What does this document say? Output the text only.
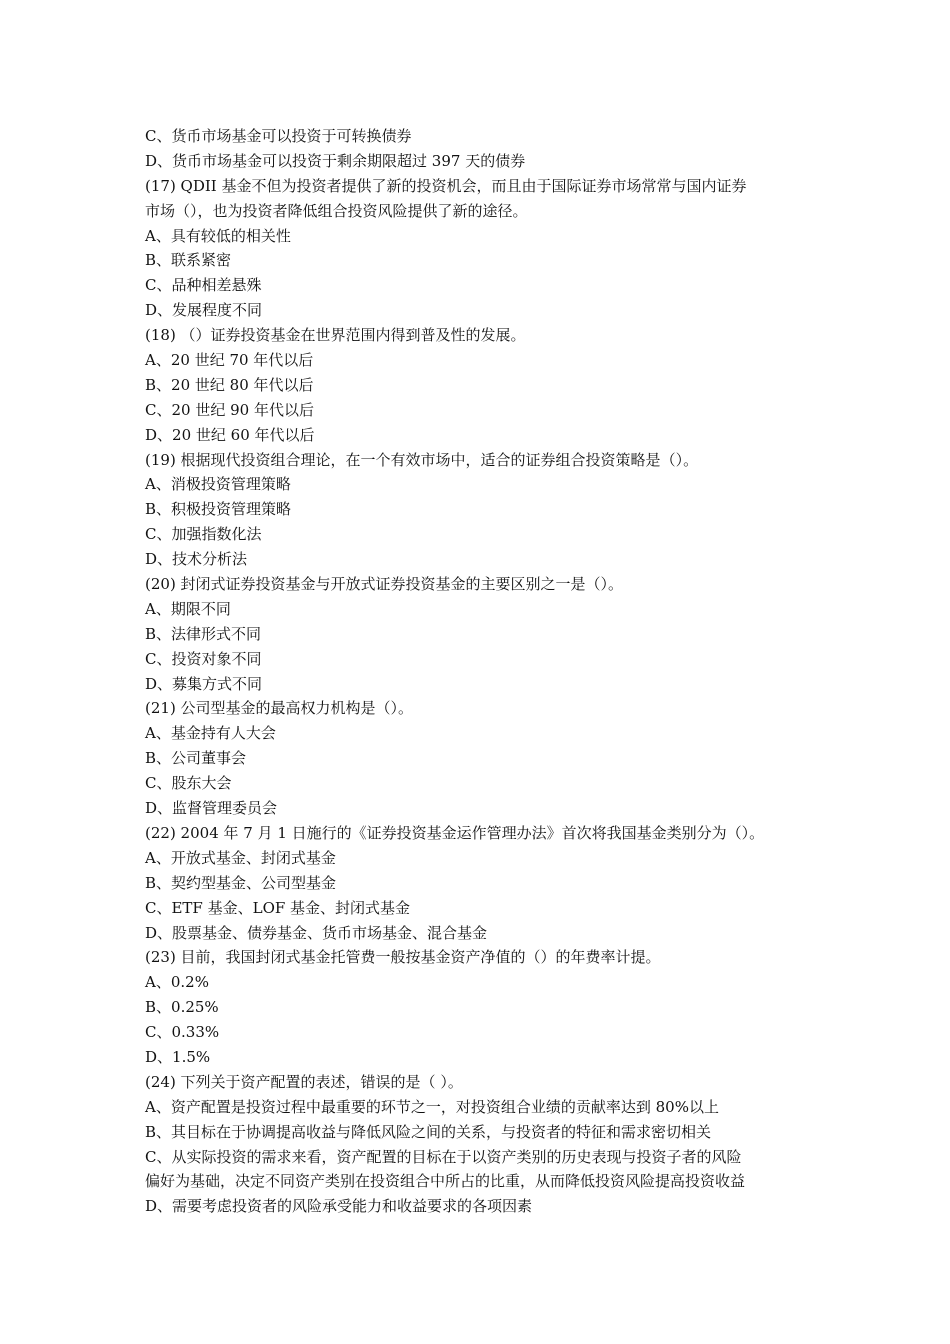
C、货币市场基金可以投资于可转换债券
D、货币市场基金可以投资于剩余期限超过 397 天的债券
(17) QDII 基金不但为投资者提供了新的投资机会，而且由于国际证券市场常常与国内证券
市场（），也为投资者降低组合投资风险提供了新的途径。
A、具有较低的相关性
B、联系紧密
C、品种相差悬殊
D、发展程度不同
(18) （）证券投资基金在世界范围内得到普及性的发展。
A、20 世纪 70 年代以后
B、20 世纪 80 年代以后
C、20 世纪 90 年代以后
D、20 世纪 60 年代以后
(19) 根据现代投资组合理论，在一个有效市场中，适合的证券组合投资策略是（）。
A、消极投资管理策略
B、积极投资管理策略
C、加强指数化法
D、技术分析法
(20) 封闭式证券投资基金与开放式证券投资基金的主要区别之一是（）。
A、期限不同
B、法律形式不同
C、投资对象不同
D、募集方式不同
(21) 公司型基金的最高权力机构是（）。
A、基金持有人大会
B、公司董事会
C、股东大会
D、监督管理委员会
(22) 2004 年 7 月 1 日施行的《证券投资基金运作管理办法》首次将我国基金类别分为（）。
A、开放式基金、封闭式基金
B、契约型基金、公司型基金
C、ETF 基金、LOF 基金、封闭式基金
D、股票基金、债券基金、货币市场基金、混合基金
(23) 目前，我国封闭式基金托管费一般按基金资产净值的（）的年费率计提。
A、0.2%
B、0.25%
C、0.33%
D、1.5%
(24) 下列关于资产配置的表述，错误的是（ ）。
A、资产配置是投资过程中最重要的环节之一，对投资组合业绩的贡献率达到 80%以上
B、其目标在于协调提高收益与降低风险之间的关系，与投资者的特征和需求密切相关
C、从实际投资的需求来看，资产配置的目标在于以资产类别的历史表现与投资子者的风险
偏好为基础，决定不同资产类别在投资组合中所占的比重，从而降低投资风险提高投资收益
D、需要考虑投资者的风险承受能力和收益要求的各项因素
